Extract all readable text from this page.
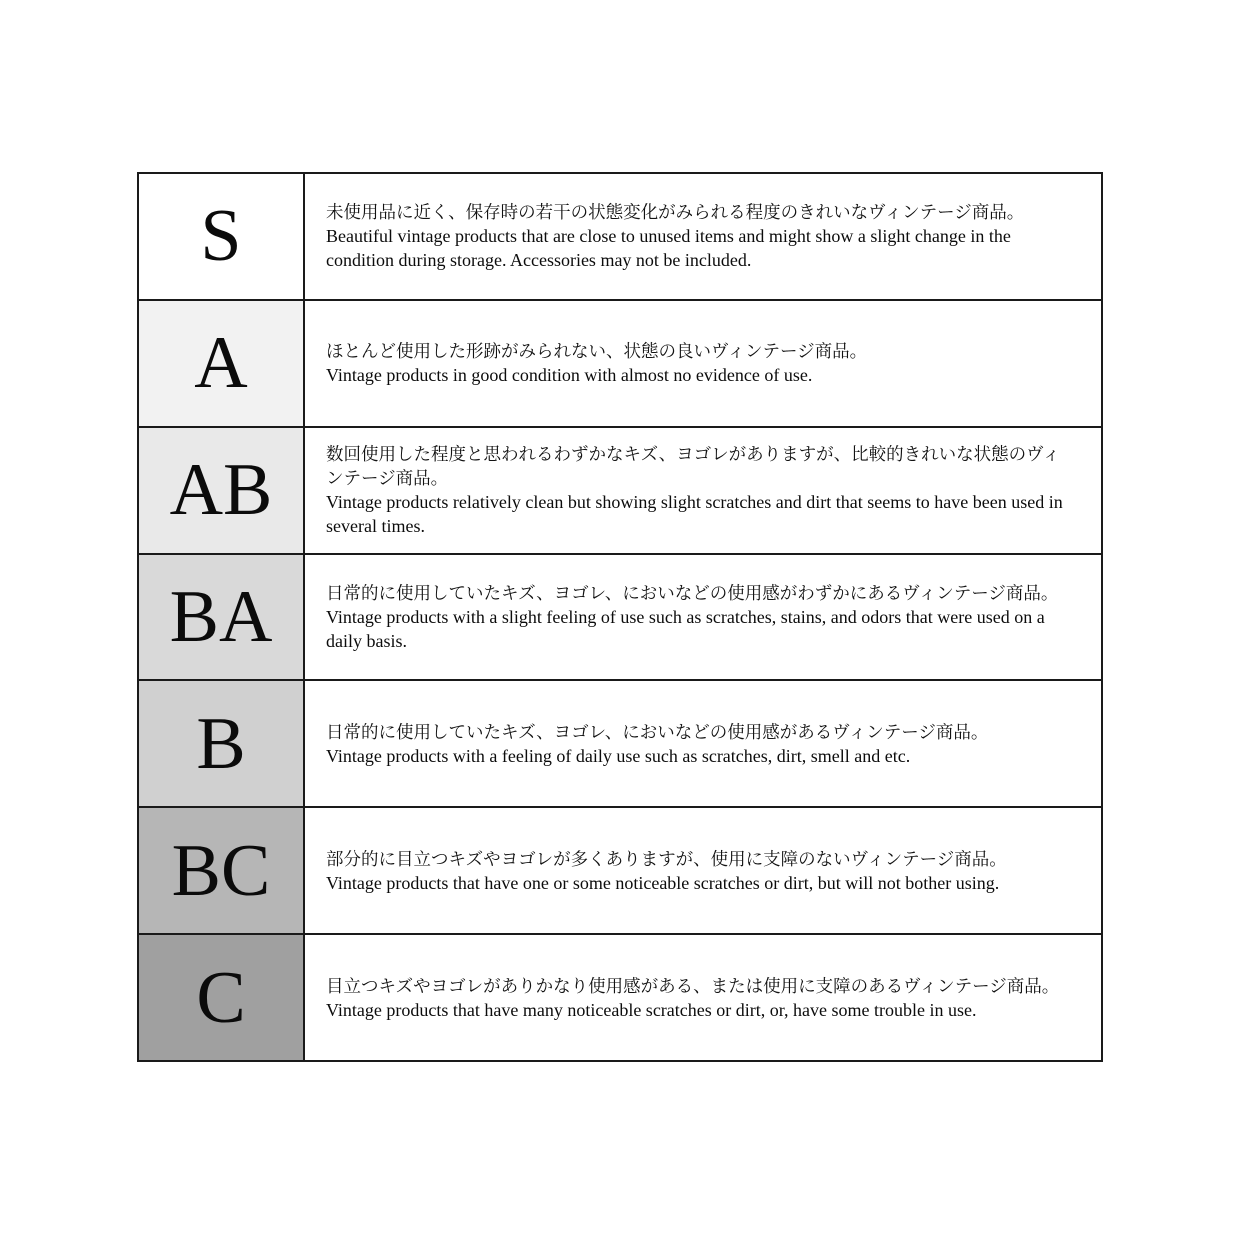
S	未使用品に近く、保存時の若干の状態変化がみられる程度のきれいなヴィンテージ商品。
Beautiful vintage products that are close to unused items and might show a slight change in the condition during storage. Accessories may not be included.
A	ほとんど使用した形跡がみられない、状態の良いヴィンテージ商品。
Vintage products in good condition with almost no evidence of use.
AB	数回使用した程度と思われるわずかなキズ、ヨゴレがありますが、比較的きれいな状態のヴィンテージ商品。
Vintage products relatively clean but showing slight scratches and dirt that seems to have been used in several times.
BA	日常的に使用していたキズ、ヨゴレ、においなどの使用感がわずかにあるヴィンテージ商品。
Vintage products with a slight feeling of use such as scratches, stains, and odors that were used on a daily basis.
B	日常的に使用していたキズ、ヨゴレ、においなどの使用感があるヴィンテージ商品。
Vintage products with a feeling of daily use such as scratches, dirt, smell and etc.
BC	部分的に目立つキズやヨゴレが多くありますが、使用に支障のないヴィンテージ商品。
Vintage products that have one or some noticeable scratches or dirt, but will not bother using.
C	目立つキズやヨゴレがありかなり使用感がある、または使用に支障のあるヴィンテージ商品。
Vintage products that have many noticeable scratches or dirt, or, have some trouble in use.
